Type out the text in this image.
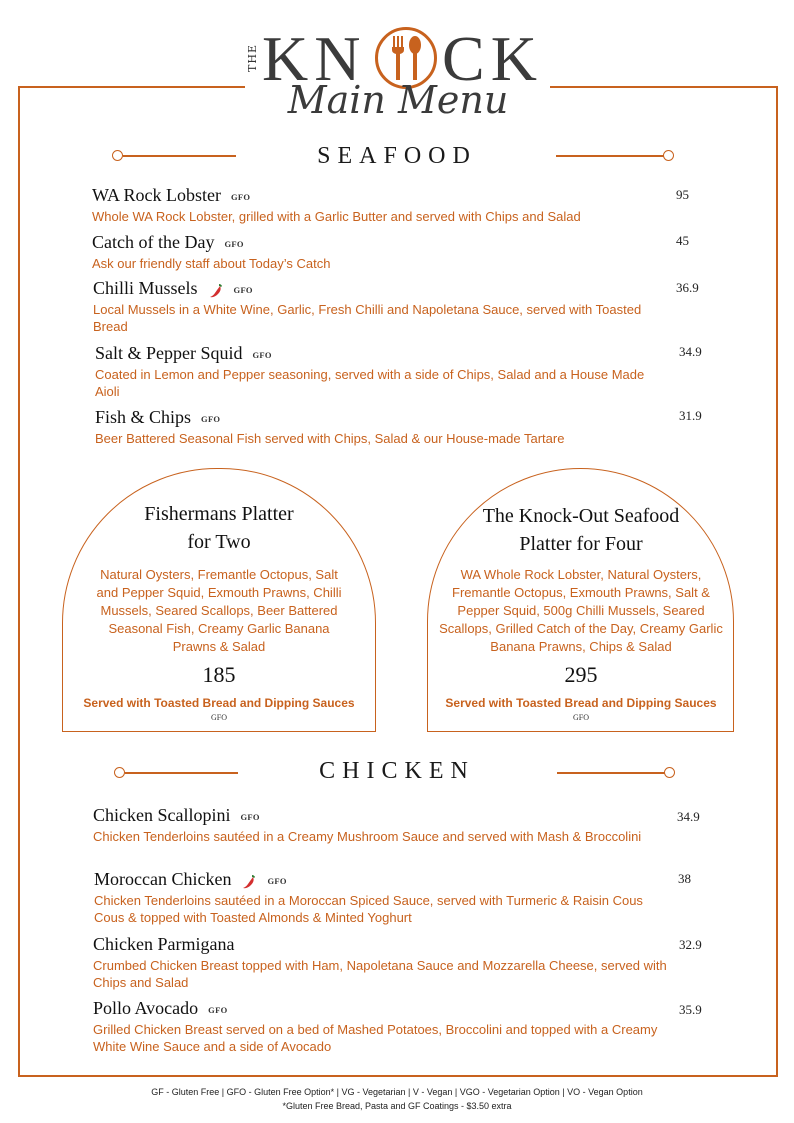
THE KN CK
Main Menu
SEAFOOD
WA Rock Lobster GFO
Whole WA Rock Lobster, grilled with a Garlic Butter and served with Chips and Salad
95
Catch of the Day GFO
Ask our friendly staff about Today’s Catch
45
Chilli Mussels	GFO
Local Mussels in a White Wine, Garlic, Fresh Chilli and Napoletana Sauce, served with Toasted Bread
36.9
Salt & Pepper Squid GFO
Coated in Lemon and Pepper seasoning, served with a side of Chips, Salad and a House Made Aioli
34.9
Fish & Chips GFO
Beer Battered Seasonal Fish served with Chips, Salad & our House-made Tartare
31.9
Fishermans Platter
for Two
Natural Oysters, Fremantle Octopus, Salt and Pepper Squid, Exmouth Prawns, Chilli Mussels, Seared Scallops, Beer Battered Seasonal Fish, Creamy Garlic Banana Prawns & Salad
185
Served with Toasted Bread and Dipping Sauces
GFO
The Knock-Out Seafood
Platter for Four
WA Whole Rock Lobster, Natural Oysters, Fremantle Octopus, Exmouth Prawns, Salt & Pepper Squid, 500g Chilli Mussels, Seared Scallops, Grilled Catch of the Day, Creamy Garlic Banana Prawns, Chips & Salad
295
Served with Toasted Bread and Dipping Sauces
GFO
CHICKEN
Chicken Scallopini GFO
Chicken Tenderloins sautéed in a Creamy Mushroom Sauce and served with Mash & Broccolini
34.9
Moroccan Chicken	GFO
Chicken Tenderloins sautéed in a Moroccan Spiced Sauce, served with Turmeric & Raisin Cous Cous & topped with Toasted Almonds & Minted Yoghurt
38
Chicken Parmigana
Crumbed Chicken Breast topped with Ham, Napoletana Sauce and Mozzarella Cheese, served with Chips and Salad
32.9
Pollo Avocado GFO
Grilled Chicken Breast served on a bed of Mashed Potatoes, Broccolini and topped with a Creamy White Wine Sauce and a side of Avocado
35.9
GF - Gluten Free | GFO - Gluten Free Option* | VG - Vegetarian | V - Vegan | VGO - Vegetarian Option | VO - Vegan Option
*Gluten Free Bread, Pasta and GF Coatings - $3.50 extra
